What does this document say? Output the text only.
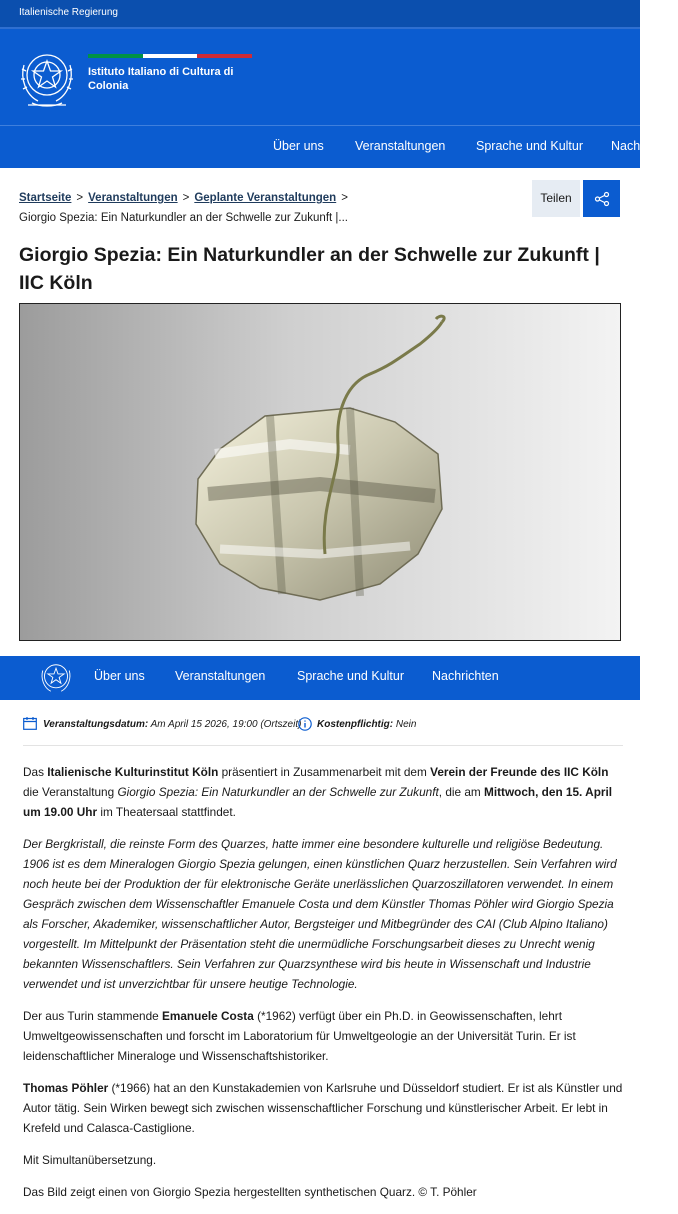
Italienische Regierung
Istituto Italiano di Cultura di Colonia
Über uns	Veranstaltungen Sprache und Kultur Nachrichten
Startseite > Veranstaltungen > Geplante Veranstaltungen >
Giorgio Spezia: Ein Naturkundler an der Schwelle zur Zukunft |...
Teilen
Giorgio Spezia: Ein Naturkundler an der Schwelle zur Zukunft | IIC Köln
Über uns Veranstaltungen	Sprache und Kultur Nachrichten
Veranstaltungsdatum: Am April 15 2026, 19:00 (Ortszeit) Kostenpflichtig: Nein

Das Italienische Kulturinstitut Köln präsentiert in Zusammenarbeit mit dem Verein der Freunde des IIC Köln die Veranstaltung Giorgio Spezia: Ein Naturkundler an der Schwelle zur Zukunft, die am Mittwoch, den 15. April um 19.00 Uhr im Theatersaal stattfindet.

Der Bergkristall, die reinste Form des Quarzes, hatte immer eine besondere kulturelle und religiöse Bedeutung. 1906 ist es dem Mineralogen Giorgio Spezia gelungen, einen künstlichen Quarz herzustellen. Sein Verfahren wird noch heute bei der Produktion der für elektronische Geräte unerlässlichen Quarzoszillatoren verwendet. In einem Gespräch zwischen dem Wissenschaftler Emanuele Costa und dem Künstler Thomas Pöhler wird Giorgio Spezia als Forscher, Akademiker, wissenschaftlicher Autor, Bergsteiger und Mitbegründer des CAI (Club Alpino Italiano) vorgestellt. Im Mittelpunkt der Präsentation steht die unermüdliche Forschungsarbeit dieses zu Unrecht wenig bekannten Wissenschaftlers. Sein Verfahren zur Quarzsynthese wird bis heute in Wissenschaft und Industrie verwendet und ist unverzichtbar für unsere heutige Technologie.

Der aus Turin stammende Emanuele Costa (*1962) verfügt über ein Ph.D. in Geowissenschaften, lehrt Umweltgeowissenschaften und forscht im Laboratorium für Umweltgeologie an der Universität Turin. Er ist leidenschaftlicher Mineraloge und Wissenschaftshistoriker.

Thomas Pöhler (*1966) hat an den Kunstakademien von Karlsruhe und Düsseldorf studiert. Er ist als Künstler und Autor tätig. Sein Wirken bewegt sich zwischen wissenschaftlicher Forschung und künstlerischer Arbeit. Er lebt in Krefeld und Calasca-Castiglione.

Mit Simultanübersetzung.

Das Bild zeigt einen von Giorgio Spezia hergestellten synthetischen Quarz. © T. Pöhler
